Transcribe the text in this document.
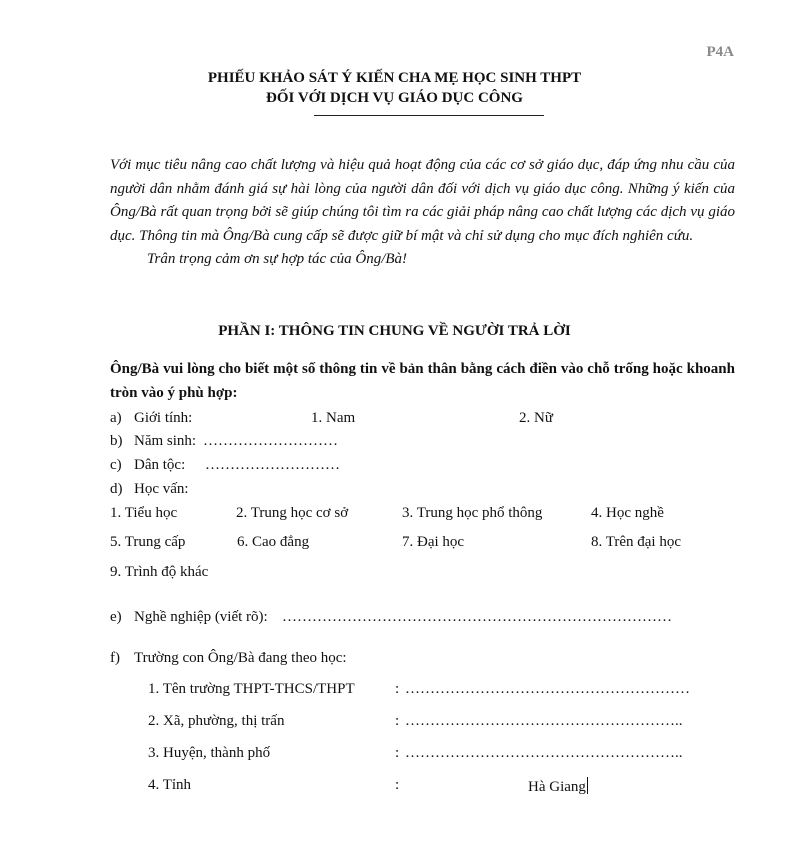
P4A
PHIẾU KHẢO SÁT Ý KIẾN CHA MẸ HỌC SINH THPT
ĐỐI VỚI DỊCH VỤ GIÁO DỤC CÔNG

Với mục tiêu nâng cao chất lượng và hiệu quả hoạt động của các cơ sở giáo dục, đáp ứng nhu cầu của người dân nhằm đánh giá sự hài lòng của người dân đối với dịch vụ giáo dục công. Những ý kiến của Ông/Bà rất quan trọng bởi sẽ giúp chúng tôi tìm ra các giải pháp nâng cao chất lượng các dịch vụ giáo dục. Thông tin mà Ông/Bà cung cấp sẽ được giữ bí mật và chỉ sử dụng cho mục đích nghiên cứu.

Trân trọng cảm ơn sự hợp tác của Ông/Bà!

PHẦN I: THÔNG TIN CHUNG VỀ NGƯỜI TRẢ LỜI
Ông/Bà vui lòng cho biết một số thông tin về bản thân bằng cách điền vào chỗ trống hoặc khoanh tròn vào ý phù hợp:
a) Giới tính:	1. Nam	2. Nữ
b) Năm sinh: ………………………
c) Dân tộc: ………………………
d) Học vấn:
1. Tiểu học	2. Trung học cơ sở	3. Trung học phổ thông	4. Học nghề
5. Trung cấp	6. Cao đẳng	7. Đại học	8. Trên đại học
9. Trình độ khác
e) Nghề nghiệp (viết rõ): ……………………………………………………………………
f) Trường con Ông/Bà đang theo học:
1. Tên trường THPT-THCS/THPT	: …………………………………………………
2. Xã, phường, thị trấn	: ………………………………………………..
3. Huyện, thành phố	: ………………………………………………..
4. Tỉnh	:	Hà Giang
